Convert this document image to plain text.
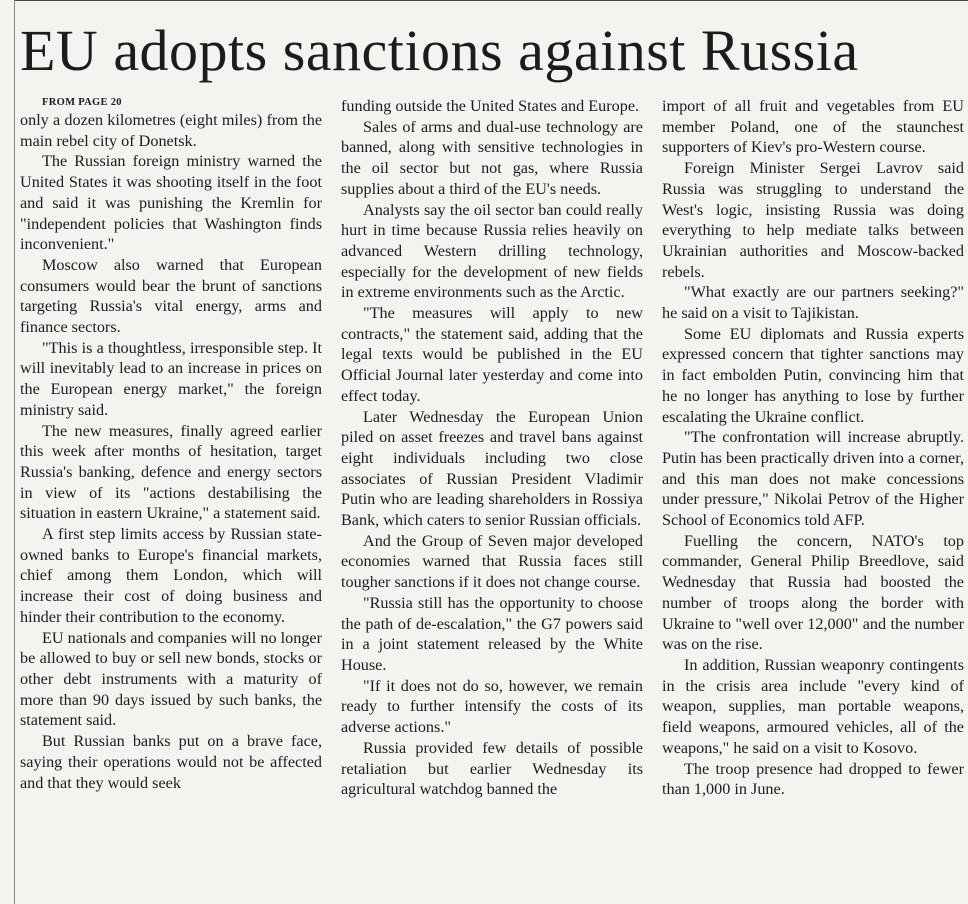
EU adopts sanctions against Russia

FROM PAGE 20

only a dozen kilometres (eight miles) from the main rebel city of Donetsk.

The Russian foreign ministry warned the United States it was shooting itself in the foot and said it was punishing the Kremlin for "independent policies that Washington finds inconvenient."

Moscow also warned that European consumers would bear the brunt of sanctions targeting Russia's vital energy, arms and finance sectors.

"This is a thoughtless, irresponsible step. It will inevitably lead to an increase in prices on the European energy market," the foreign ministry said.

The new measures, finally agreed earlier this week after months of hesitation, target Russia's banking, defence and energy sectors in view of its "actions destabilising the situation in eastern Ukraine," a statement said.

A first step limits access by Russian state-owned banks to Europe's financial markets, chief among them London, which will increase their cost of doing business and hinder their contribution to the economy.

EU nationals and companies will no longer be allowed to buy or sell new bonds, stocks or other debt instruments with a maturity of more than 90 days issued by such banks, the statement said.

But Russian banks put on a brave face, saying their operations would not be affected and that they would seek

funding outside the United States and Europe.

Sales of arms and dual-use technology are banned, along with sensitive technologies in the oil sector but not gas, where Russia supplies about a third of the EU's needs.

Analysts say the oil sector ban could really hurt in time because Russia relies heavily on advanced Western drilling technology, especially for the development of new fields in extreme environments such as the Arctic.

"The measures will apply to new contracts," the statement said, adding that the legal texts would be published in the EU Official Journal later yesterday and come into effect today.

Later Wednesday the European Union piled on asset freezes and travel bans against eight individuals including two close associates of Russian President Vladimir Putin who are leading shareholders in Rossiya Bank, which caters to senior Russian officials.

And the Group of Seven major developed economies warned that Russia faces still tougher sanctions if it does not change course.

"Russia still has the opportunity to choose the path of de-escalation," the G7 powers said in a joint statement released by the White House.

"If it does not do so, however, we remain ready to further intensify the costs of its adverse actions."

Russia provided few details of possible retaliation but earlier Wednesday its agricultural watchdog banned the

import of all fruit and vegetables from EU member Poland, one of the staunchest supporters of Kiev's pro-Western course.

Foreign Minister Sergei Lavrov said Russia was struggling to understand the West's logic, insisting Russia was doing everything to help mediate talks between Ukrainian authorities and Moscow-backed rebels.

"What exactly are our partners seeking?" he said on a visit to Tajikistan.

Some EU diplomats and Russia experts expressed concern that tighter sanctions may in fact embolden Putin, convincing him that he no longer has anything to lose by further escalating the Ukraine conflict.

"The confrontation will increase abruptly. Putin has been practically driven into a corner, and this man does not make concessions under pressure," Nikolai Petrov of the Higher School of Economics told AFP.

Fuelling the concern, NATO's top commander, General Philip Breedlove, said Wednesday that Russia had boosted the number of troops along the border with Ukraine to "well over 12,000" and the number was on the rise.

In addition, Russian weaponry contingents in the crisis area include "every kind of weapon, supplies, man portable weapons, field weapons, armoured vehicles, all of the weapons," he said on a visit to Kosovo.

The troop presence had dropped to fewer than 1,000 in June.
